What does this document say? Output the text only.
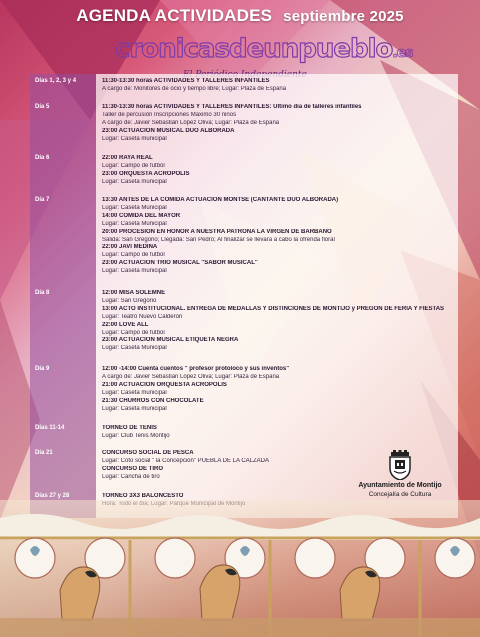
AGENDA ACTIVIDADES septiembre 2025
cronicasdeunpueblo.es
Días 1, 2, 3 y 4	11:30-13:30 horas ACTIVIDADES Y TALLERES INFANTILES
A cargo de: Monitores de ocio y tiempo libre; Lugar: Plaza de España
Día 5	11:30-13:30 horas ACTIVIDADES Y TALLERES INFANTILES: Último día de talleres infantiles
Taller de percusión Inscripciones Máximo 30 niños
A cargo de: Javier Sebastián López Oliva; Lugar: Plaza de España
23:00 ACTUACION MUSICAL DUO ALBORADA
Lugar: Caseta municipal
Día 6	22:00 RAYA REAL
Lugar: Campo de futbol
23:00 ORQUESTA ACRÓPOLIS
Lugar: Caseta municipal
Día 7	13:30 ANTES DE LA COMIDA ACTUACION MONTSE (CANTANTE DUO ALBORADA)
Lugar: Caseta Municipal
14:00 COMIDA DEL MAYOR
Lugar: Caseta Municipal
20:00 PROCESION EN HONOR A NUESTRA PATRONA LA VIRGEN DE BARBAÑO
Salida: San Gregorio; Llegada: San Pedro; Al finalizar se llevará a cabo la ofrenda floral
22:00 JAVI MEDINA
Lugar: Campo de futbol
23:00 ACTUACION TRIO MUSICAL "SABOR MUSICAL"
Lugar: Caseta municipal
Día 8	12:00 MISA SOLEMNE
Lugar: San Gregorio
13:00 ACTO INSTITUCIONAL. ENTREGA DE MEDALLAS Y DISTINCIONES DE MONTIJO y PREGÓN DE FERIA Y FIESTAS
Lugar: Teatro Nuevo Calderón
22:00 LOVE ALL
Lugar: Campo de futbol
23:00 ACTUACION MUSICAL ETIQUETA NEGRA
Lugar: Caseta Municipal
Día 9	12:00 -14:00 Cuenta cuentos " profesor protoloco y sus inventos"
A cargo de: Javier Sebastián López Oliva; Lugar: Plaza de España
21:00 ACTUACION ORQUESTA ACROPOLIS
Lugar: Caseta municipal
21:30 CHURROS CON CHOCOLATE
Lugar: Caseta municipal
Días 11-14	TORNEO DE TENIS
Lugar: Club Tenis Montijo
Día 21	CONCURSO SOCIAL DE PESCA
Lugar: Coto social " la Concepción" PUEBLA DE LA CALZADA
CONCURSO DE TIRO
Lugar: Cancha de tiro
Días 27 y 28	TORNEO 3X3 BALONCESTO
Ayuntamiento de Montijo
Concejalía de Cultura
